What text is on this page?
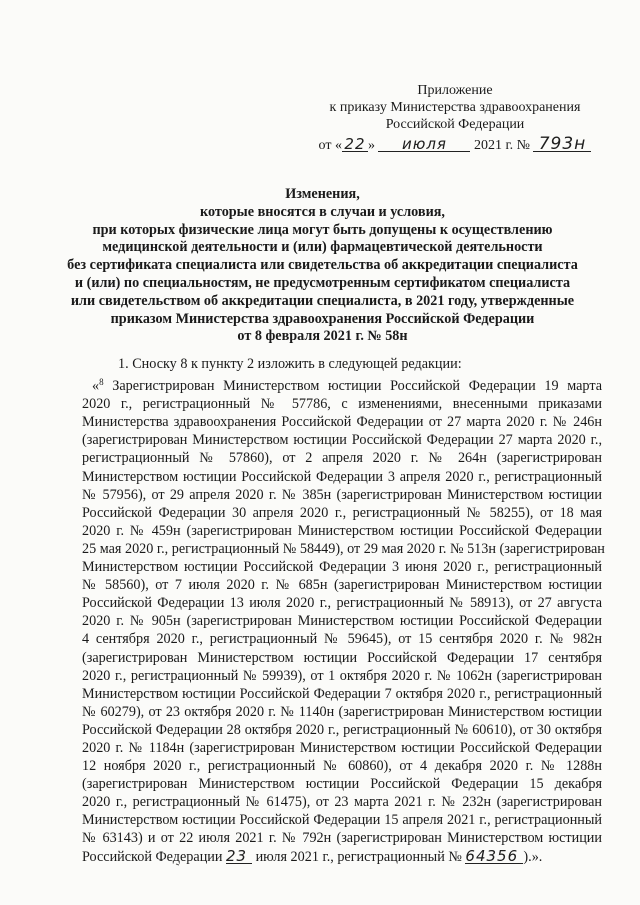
Приложение
к приказу Министерства здравоохранения
Российской Федерации
от « 22 » июля 2021 г. № 793н
Изменения,
которые вносятся в случаи и условия,
при которых физические лица могут быть допущены к осуществлению
медицинской деятельности и (или) фармацевтической деятельности
без сертификата специалиста или свидетельства об аккредитации специалиста
и (или) по специальностям, не предусмотренным сертификатом специалиста
или свидетельством об аккредитации специалиста, в 2021 году, утвержденные
приказом Министерства здравоохранения Российской Федерации
от 8 февраля 2021 г. № 58н
1. Сноску 8 к пункту 2 изложить в следующей редакции:
«$^8$ Зарегистрирован Министерством юстиции Российской Федерации 19 марта
2020 г., регистрационный № 57786, с изменениями, внесенными приказами
Министерства здравоохранения Российской Федерации от 27 марта 2020 г. № 246н
(зарегистрирован Министерством юстиции Российской Федерации 27 марта 2020 г.,
регистрационный № 57860), от 2 апреля 2020 г. № 264н (зарегистрирован
Министерством юстиции Российской Федерации 3 апреля 2020 г., регистрационный
№ 57956), от 29 апреля 2020 г. № 385н (зарегистрирован Министерством юстиции
Российской Федерации 30 апреля 2020 г., регистрационный № 58255), от 18 мая
2020 г. № 459н (зарегистрирован Министерством юстиции Российской Федерации
25 мая 2020 г., регистрационный № 58449), от 29 мая 2020 г. № 513н (зарегистрирован
Министерством юстиции Российской Федерации 3 июня 2020 г., регистрационный
№ 58560), от 7 июля 2020 г. № 685н (зарегистрирован Министерством юстиции
Российской Федерации 13 июля 2020 г., регистрационный № 58913), от 27 августа
2020 г. № 905н (зарегистрирован Министерством юстиции Российской Федерации
4 сентября 2020 г., регистрационный № 59645), от 15 сентября 2020 г. № 982н
(зарегистрирован Министерством юстиции Российской Федерации 17 сентября
2020 г., регистрационный № 59939), от 1 октября 2020 г. № 1062н (зарегистрирован
Министерством юстиции Российской Федерации 7 октября 2020 г., регистрационный
№ 60279), от 23 октября 2020 г. № 1140н (зарегистрирован Министерством юстиции
Российской Федерации 28 октября 2020 г., регистрационный № 60610), от 30 октября
2020 г. № 1184н (зарегистрирован Министерством юстиции Российской Федерации
12 ноября 2020 г., регистрационный № 60860), от 4 декабря 2020 г. № 1288н
(зарегистрирован Министерством юстиции Российской Федерации 15 декабря
2020 г., регистрационный № 61475), от 23 марта 2021 г. № 232н (зарегистрирован
Министерством юстиции Российской Федерации 15 апреля 2021 г., регистрационный
№ 63143) и от 22 июля 2021 г. № 792н (зарегистрирован Министерством юстиции
Российской Федерации 23 июля 2021 г., регистрационный № 64356 ).».
